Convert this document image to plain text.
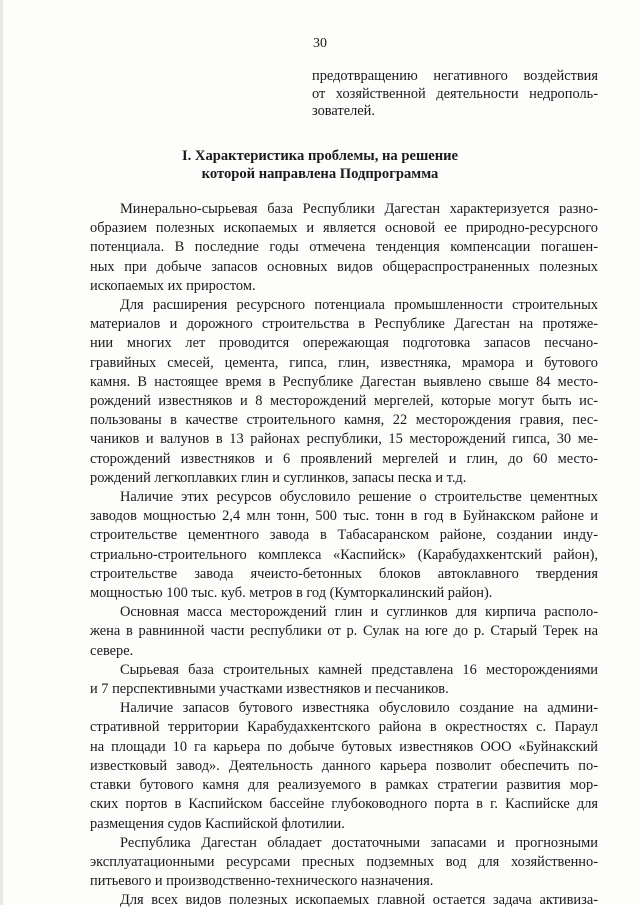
30
предотвращению негативного воздействия
от хозяйственной деятельности недрополь-
зователей.
I. Характеристика проблемы, на решение
которой направлена Подпрограмма
Минерально-сырьевая база Республики Дагестан характеризуется разно-
образием полезных ископаемых и является основой ее природно-ресурсного
потенциала. В последние годы отмечена тенденция компенсации погашен-
ных при добыче запасов основных видов общераспространенных полезных
ископаемых их приростом.
Для расширения ресурсного потенциала промышленности строительных
материалов и дорожного строительства в Республике Дагестан на протяже-
нии многих лет проводится опережающая подготовка запасов песчано-
гравийных смесей, цемента, гипса, глин, известняка, мрамора и бутового
камня. В настоящее время в Республике Дагестан выявлено свыше 84 место-
рождений известняков и 8 месторождений мергелей, которые могут быть ис-
пользованы в качестве строительного камня, 22 месторождения гравия, пес-
чаников и валунов в 13 районах республики, 15 месторождений гипса, 30 ме-
сторождений известняков и 6 проявлений мергелей и глин, до 60 место-
рождений легкоплавких глин и суглинков, запасы песка и т.д.
Наличие этих ресурсов обусловило решение о строительстве цементных
заводов мощностью 2,4 млн тонн, 500 тыс. тонн в год в Буйнакском районе и
строительстве цементного завода в Табасаранском районе, создании инду-
стриально-строительного комплекса «Каспийск» (Карабудахкентский район),
строительстве завода ячеисто-бетонных блоков автоклавного твердения
мощностью 100 тыс. куб. метров в год (Кумторкалинский район).
Основная масса месторождений глин и суглинков для кирпича располо-
жена в равнинной части республики от р. Сулак на юге до р. Старый Терек на
севере.
Сырьевая база строительных камней представлена 16 месторождениями
и 7 перспективными участками известняков и песчаников.
Наличие запасов бутового известняка обусловило создание на админи-
стративной территории Карабудахкентского района в окрестностях с. Параул
на площади 10 га карьера по добыче бутовых известняков ООО «Буйнакский
известковый завод». Деятельность данного карьера позволит обеспечить по-
ставки бутового камня для реализуемого в рамках стратегии развития мор-
ских портов в Каспийском бассейне глубоководного порта в г. Каспийске для
размещения судов Каспийской флотилии.
Республика Дагестан обладает достаточными запасами и прогнозными
эксплуатационными ресурсами пресных подземных вод для хозяйственно-
питьевого и производственно-технического назначения.
Для всех видов полезных ископаемых главной остается задача активиза-
